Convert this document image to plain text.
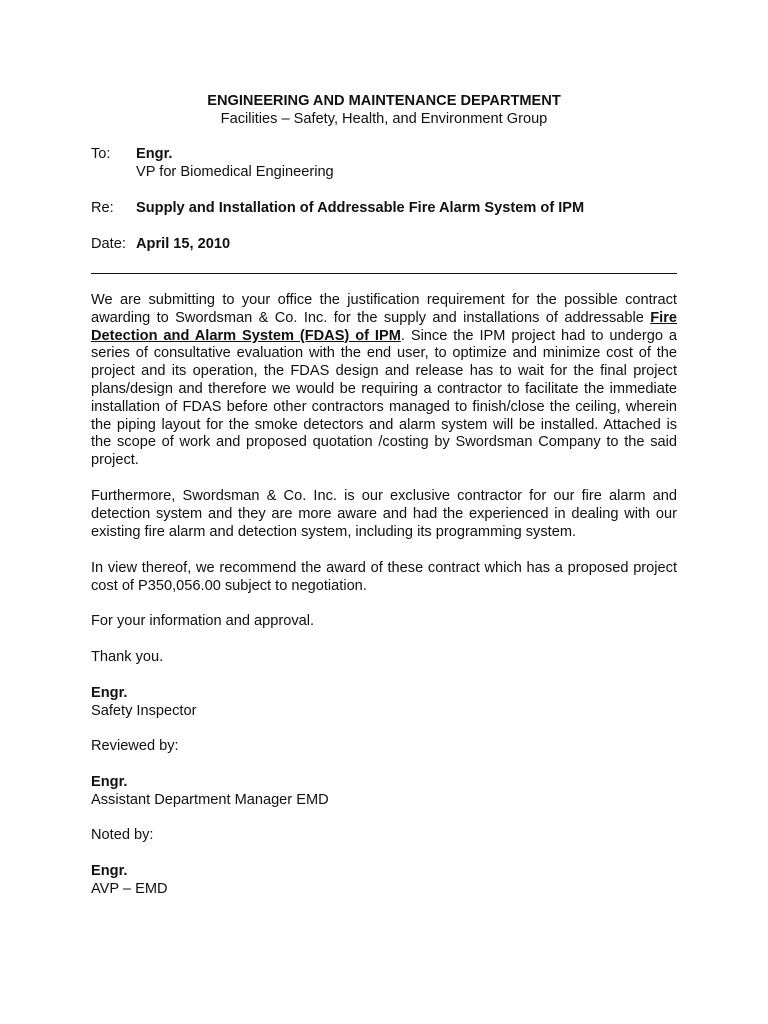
ENGINEERING AND MAINTENANCE DEPARTMENT
Facilities – Safety, Health, and Environment Group
To: Engr.
VP for Biomedical Engineering
Re: Supply and Installation of Addressable Fire Alarm System of IPM
Date: April 15, 2010

We are submitting to your office the justification requirement for the possible contract awarding to Swordsman & Co. Inc. for the supply and installations of addressable Fire Detection and Alarm System (FDAS) of IPM. Since the IPM project had to undergo a series of consultative evaluation with the end user, to optimize and minimize cost of the project and its operation, the FDAS design and release has to wait for the final project plans/design and therefore we would be requiring a contractor to facilitate the immediate installation of FDAS before other contractors managed to finish/close the ceiling, wherein the piping layout for the smoke detectors and alarm system will be installed. Attached is the scope of work and proposed quotation /costing by Swordsman Company to the said project.

Furthermore, Swordsman & Co. Inc. is our exclusive contractor for our fire alarm and detection system and they are more aware and had the experienced in dealing with our existing fire alarm and detection system, including its programming system.

In view thereof, we recommend the award of these contract which has a proposed project cost of P350,056.00 subject to negotiation.

For your information and approval.
Thank you.
Engr.
Safety Inspector
Reviewed by:
Engr.
Assistant Department Manager EMD
Noted by:
Engr.
AVP – EMD
